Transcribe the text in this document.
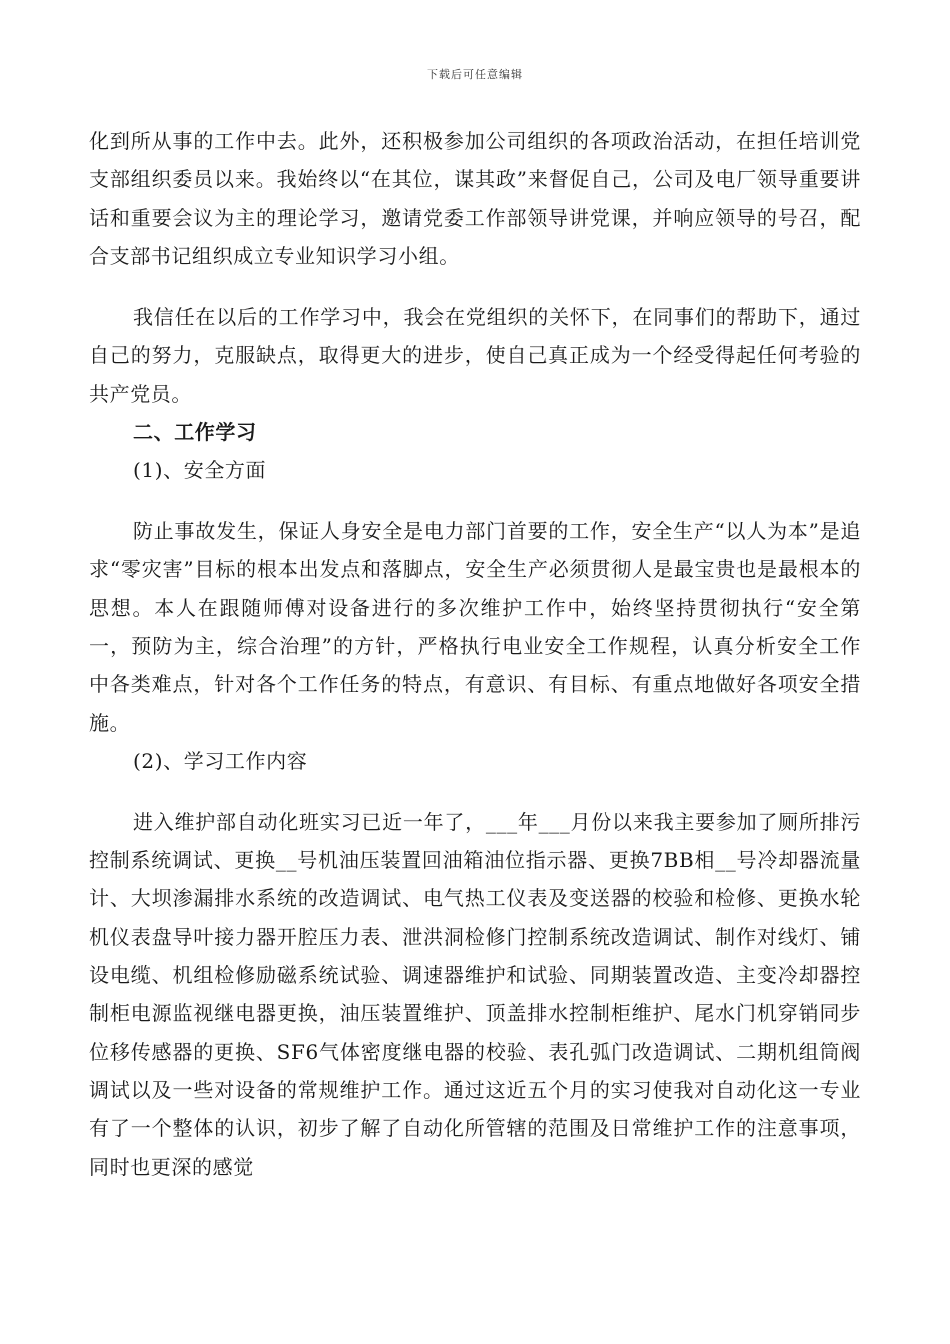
下载后可任意编辑

化到所从事的工作中去。此外，还积极参加公司组织的各项政治活动，在担任培训党支部组织委员以来。我始终以“在其位，谋其政”来督促自己，公司及电厂领导重要讲话和重要会议为主的理论学习，邀请党委工作部领导讲党课，并响应领导的号召，配合支部书记组织成立专业知识学习小组。

我信任在以后的工作学习中，我会在党组织的关怀下，在同事们的帮助下，通过自己的努力，克服缺点，取得更大的进步，使自己真正成为一个经受得起任何考验的共产党员。

二、工作学习

(1)、安全方面

防止事故发生，保证人身安全是电力部门首要的工作，安全生产“以人为本”是追求“零灾害”目标的根本出发点和落脚点，安全生产必须贯彻人是最宝贵也是最根本的思想。本人在跟随师傅对设备进行的多次维护工作中，始终坚持贯彻执行“安全第一，预防为主，综合治理”的方针，严格执行电业安全工作规程，认真分析安全工作中各类难点，针对各个工作任务的特点，有意识、有目标、有重点地做好各项安全措施。

(2)、学习工作内容

进入维护部自动化班实习已近一年了，___年___月份以来我主要参加了厕所排污控制系统调试、更换__号机油压装置回油箱油位指示器、更换7BB相__号冷却器流量计、大坝渗漏排水系统的改造调试、电气热工仪表及变送器的校验和检修、更换水轮机仪表盘导叶接力器开腔压力表、泄洪洞检修门控制系统改造调试、制作对线灯、铺设电缆、机组检修励磁系统试验、调速器维护和试验、同期装置改造、主变冷却器控制柜电源监视继电器更换，油压装置维护、顶盖排水控制柜维护、尾水门机穿销同步位移传感器的更换、SF6气体密度继电器的校验、表孔弧门改造调试、二期机组筒阀调试以及一些对设备的常规维护工作。通过这近五个月的实习使我对自动化这一专业有了一个整体的认识，初步了解了自动化所管辖的范围及日常维护工作的注意事项，同时也更深的感觉
